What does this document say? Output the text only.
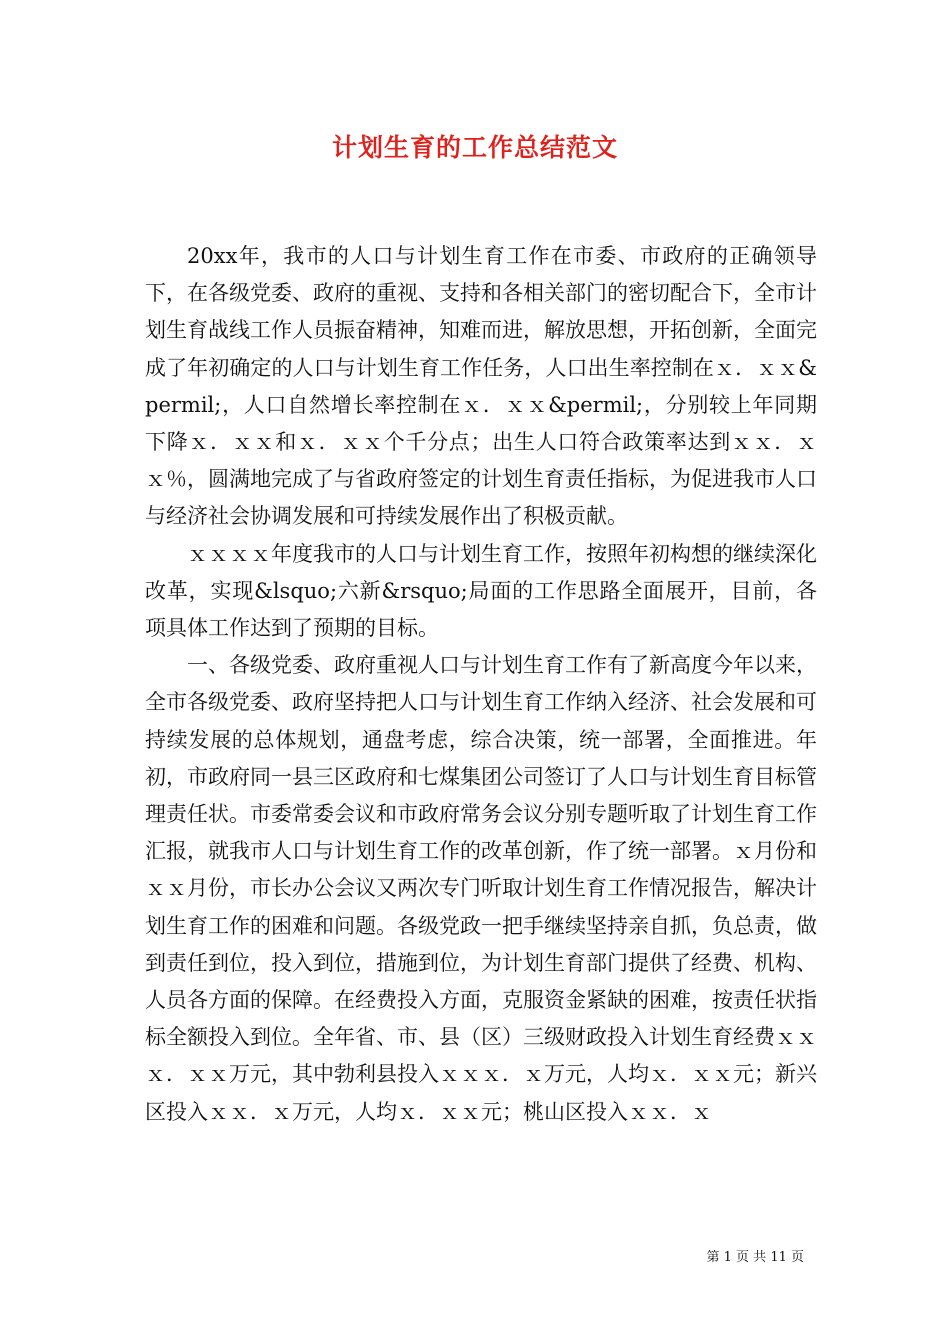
计划生育的工作总结范文

20xx年，我市的人口与计划生育工作在市委、市政府的正确领导下，在各级党委、政府的重视、支持和各相关部门的密切配合下，全市计划生育战线工作人员振奋精神，知难而进，解放思想，开拓创新，全面完成了年初确定的人口与计划生育工作任务，人口出生率控制在ｘ．ｘｘ&permil;，人口自然增长率控制在ｘ．ｘｘ&permil;，分别较上年同期下降ｘ．ｘｘ和ｘ．ｘｘ个千分点；出生人口符合政策率达到ｘｘ．ｘｘ％，圆满地完成了与省政府签定的计划生育责任指标，为促进我市人口与经济社会协调发展和可持续发展作出了积极贡献。

ｘｘｘｘ年度我市的人口与计划生育工作，按照年初构想的继续深化改革，实现&lsquo;六新&rsquo;局面的工作思路全面展开，目前，各项具体工作达到了预期的目标。

一、各级党委、政府重视人口与计划生育工作有了新高度今年以来，全市各级党委、政府坚持把人口与计划生育工作纳入经济、社会发展和可持续发展的总体规划，通盘考虑，综合决策，统一部署，全面推进。年初，市政府同一县三区政府和七煤集团公司签订了人口与计划生育目标管理责任状。市委常委会议和市政府常务会议分别专题听取了计划生育工作汇报，就我市人口与计划生育工作的改革创新，作了统一部署。ｘ月份和ｘｘ月份，市长办公会议又两次专门听取计划生育工作情况报告，解决计划生育工作的困难和问题。各级党政一把手继续坚持亲自抓，负总责，做到责任到位，投入到位，措施到位，为计划生育部门提供了经费、机构、人员各方面的保障。在经费投入方面，克服资金紧缺的困难，按责任状指标全额投入到位。全年省、市、县（区）三级财政投入计划生育经费ｘｘｘ．ｘｘ万元，其中勃利县投入ｘｘｘ．ｘ万元，人均ｘ．ｘｘ元；新兴区投入ｘｘ．ｘ万元，人均ｘ．ｘｘ元；桃山区投入ｘｘ．ｘ

第 1 页 共 11 页
